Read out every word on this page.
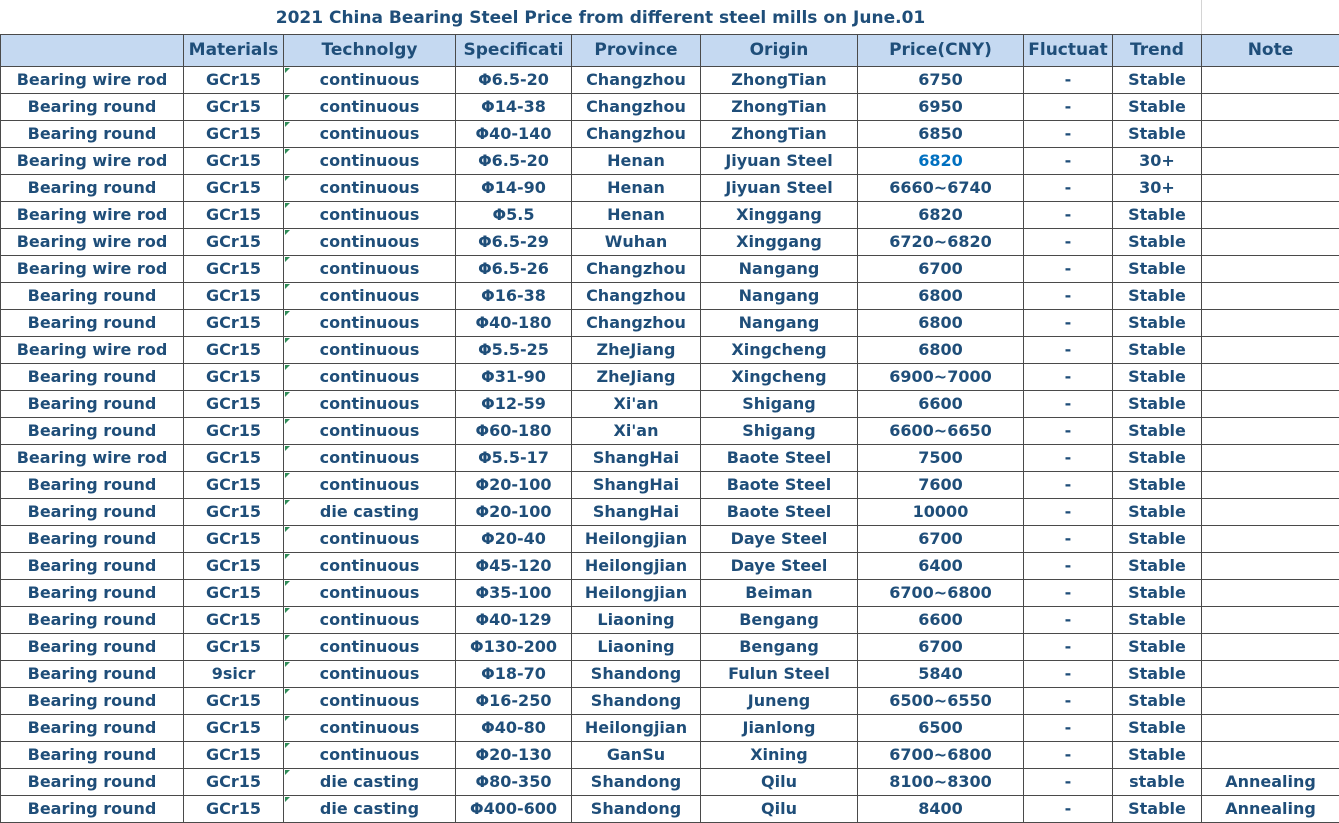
2021 China Bearing Steel Price from different steel mills on June.01
	Materials	Technolgy	Specificati	Province	Origin	Price(CNY)	Fluctuat	Trend	Note
Bearing wire rod	GCr15	continuous	Φ6.5-20	Changzhou	ZhongTian	6750	-	Stable	
Bearing round	GCr15	continuous	Φ14-38	Changzhou	ZhongTian	6950	-	Stable	
Bearing round	GCr15	continuous	Φ40-140	Changzhou	ZhongTian	6850	-	Stable	
Bearing wire rod	GCr15	continuous	Φ6.5-20	Henan	Jiyuan Steel	6820	-	30+	
Bearing round	GCr15	continuous	Φ14-90	Henan	Jiyuan Steel	6660~6740	-	30+	
Bearing wire rod	GCr15	continuous	Φ5.5	Henan	Xinggang	6820	-	Stable	
Bearing wire rod	GCr15	continuous	Φ6.5-29	Wuhan	Xinggang	6720~6820	-	Stable	
Bearing wire rod	GCr15	continuous	Φ6.5-26	Changzhou	Nangang	6700	-	Stable	
Bearing round	GCr15	continuous	Φ16-38	Changzhou	Nangang	6800	-	Stable	
Bearing round	GCr15	continuous	Φ40-180	Changzhou	Nangang	6800	-	Stable	
Bearing wire rod	GCr15	continuous	Φ5.5-25	ZheJiang	Xingcheng	6800	-	Stable	
Bearing round	GCr15	continuous	Φ31-90	ZheJiang	Xingcheng	6900~7000	-	Stable	
Bearing round	GCr15	continuous	Φ12-59	Xi'an	Shigang	6600	-	Stable	
Bearing round	GCr15	continuous	Φ60-180	Xi'an	Shigang	6600~6650	-	Stable	
Bearing wire rod	GCr15	continuous	Φ5.5-17	ShangHai	Baote Steel	7500	-	Stable	
Bearing round	GCr15	continuous	Φ20-100	ShangHai	Baote Steel	7600	-	Stable	
Bearing round	GCr15	die casting	Φ20-100	ShangHai	Baote Steel	10000	-	Stable	
Bearing round	GCr15	continuous	Φ20-40	Heilongjian	Daye Steel	6700	-	Stable	
Bearing round	GCr15	continuous	Φ45-120	Heilongjian	Daye Steel	6400	-	Stable	
Bearing round	GCr15	continuous	Φ35-100	Heilongjian	Beiman	6700~6800	-	Stable	
Bearing round	GCr15	continuous	Φ40-129	Liaoning	Bengang	6600	-	Stable	
Bearing round	GCr15	continuous	Φ130-200	Liaoning	Bengang	6700	-	Stable	
Bearing round	9sicr	continuous	Φ18-70	Shandong	Fulun Steel	5840	-	Stable	
Bearing round	GCr15	continuous	Φ16-250	Shandong	Juneng	6500~6550	-	Stable	
Bearing round	GCr15	continuous	Φ40-80	Heilongjian	Jianlong	6500	-	Stable	
Bearing round	GCr15	continuous	Φ20-130	GanSu	Xining	6700~6800	-	Stable	
Bearing round	GCr15	die casting	Φ80-350	Shandong	Qilu	8100~8300	-	stable	Annealing
Bearing round	GCr15	die casting	Φ400-600	Shandong	Qilu	8400	-	Stable	Annealing
